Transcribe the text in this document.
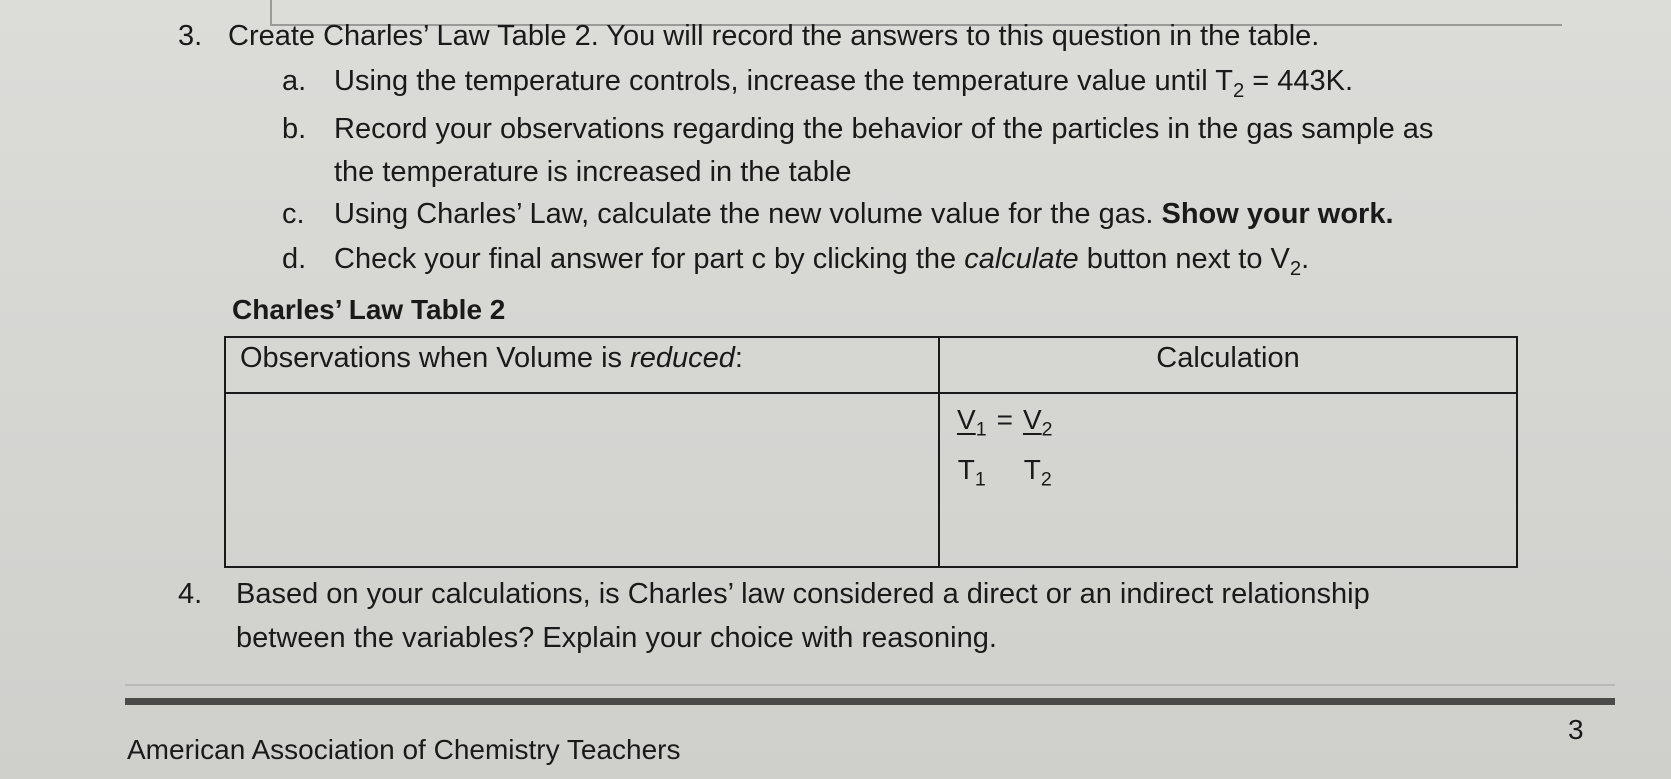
3. Create Charles’ Law Table 2. You will record the answers to this question in the table.
a. Using the temperature controls, increase the temperature value until $T_2 = 443K$.
b. Record your observations regarding the behavior of the particles in the gas sample as
the temperature is increased in the table
c. Using Charles’ Law, calculate the new volume value for the gas. Show your work.
d. Check your final answer for part c by clicking the calculate button next to $V_2$.
Charles’ Law Table 2
Observations when Volume is reduced:	Calculation

	$\frac{V_1}{T_1} = \frac{V_2}{T_2}$
4. Based on your calculations, is Charles’ law considered a direct or an indirect relationship
between the variables? Explain your choice with reasoning.
American Association of Chemistry Teachers
3
